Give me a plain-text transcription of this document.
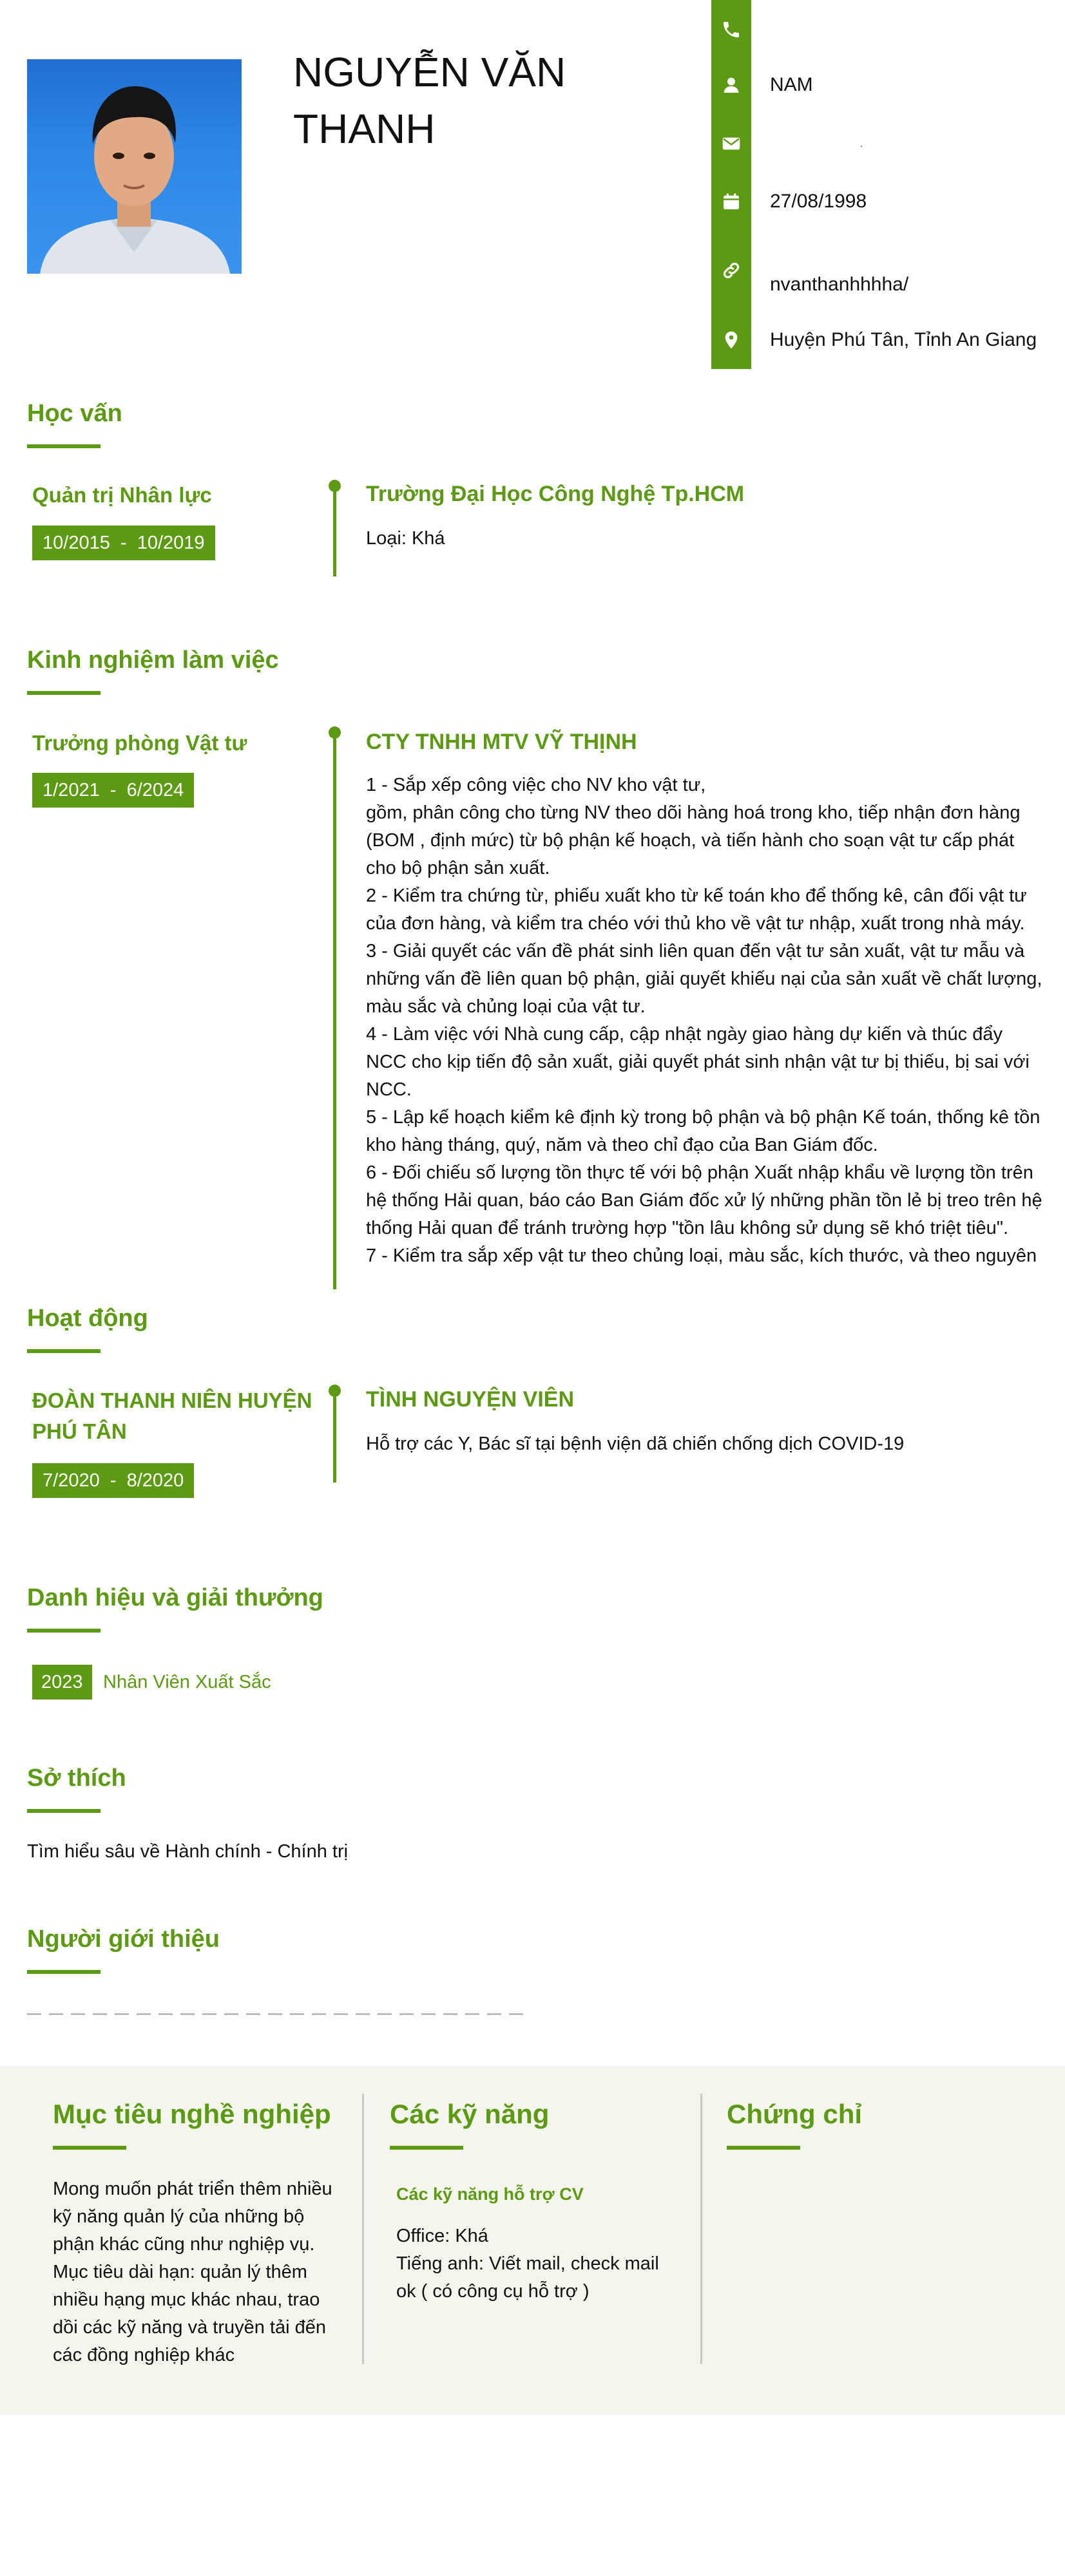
NGUYỄN VĂN
THANH
NAM
.
27/08/1998
nvanthanhhhha/
Huyện Phú Tân, Tỉnh An Giang
Học vấn
Quản trị Nhân lực
10/2015  -  10/2019
Trường Đại Học Công Nghệ Tp.HCM
Loại: Khá
Kinh nghiệm làm việc
Trưởng phòng Vật tư
1/2021  -  6/2024
CTY TNHH MTV VỸ THỊNH
1 - Sắp xếp công việc cho NV kho vật tư,
gồm, phân công cho từng NV theo dõi hàng hoá trong kho, tiếp nhận đơn hàng (BOM , định mức) từ bộ phận kế hoạch, và tiến hành cho soạn vật tư cấp phát cho bộ phận sản xuất.
2 - Kiểm tra chứng từ, phiếu xuất kho từ kế toán kho để thống kê, cân đối vật tư của đơn hàng, và kiểm tra chéo với thủ kho về vật tư nhập, xuất trong nhà máy.
3 - Giải quyết các vấn đề phát sinh liên quan đến vật tư sản xuất, vật tư mẫu và những vấn đề liên quan bộ phận, giải quyết khiếu nại của sản xuất về chất lượng, màu sắc và chủng loại của vật tư.
4 - Làm việc với Nhà cung cấp, cập nhật ngày giao hàng dự kiến và thúc đẩy NCC cho kịp tiến độ sản xuất, giải quyết phát sinh nhận vật tư bị thiếu, bị sai với NCC.
5 - Lập kế hoạch kiểm kê định kỳ trong bộ phận và bộ phận Kế toán, thống kê tồn kho hàng tháng, quý, năm và theo chỉ đạo của Ban Giám đốc.
6 - Đối chiếu số lượng tồn thực tế với bộ phận Xuất nhập khẩu về lượng tồn trên hệ thống Hải quan, báo cáo Ban Giám đốc xử lý những phần tồn lẻ bị treo trên hệ thống Hải quan để tránh trường hợp "tồn lâu không sử dụng sẽ khó triệt tiêu".
7 - Kiểm tra sắp xếp vật tư theo chủng loại, màu sắc, kích thước, và theo nguyên
Hoạt động
ĐOÀN THANH NIÊN HUYỆN PHÚ TÂN
7/2020  -  8/2020
TÌNH NGUYỆN VIÊN
Hỗ trợ các Y, Bác sĩ tại bệnh viện dã chiến chống dịch COVID-19
Danh hiệu và giải thưởng
2023	Nhân Viên Xuất Sắc
Sở thích
Tìm hiểu sâu về Hành chính - Chính trị
Người giới thiệu
Mục tiêu nghề nghiệp
Mong muốn phát triển thêm nhiều kỹ năng quản lý của những bộ phận khác cũng như nghiệp vụ. Mục tiêu dài hạn: quản lý thêm nhiều hạng mục khác nhau, trao dồi các kỹ năng và truyền tải đến các đồng nghiệp khác
Các kỹ năng
Các kỹ năng hỗ trợ CV
Office: Khá
Tiếng anh: Viết mail, check mail ok ( có công cụ hỗ trợ )
Chứng chỉ
